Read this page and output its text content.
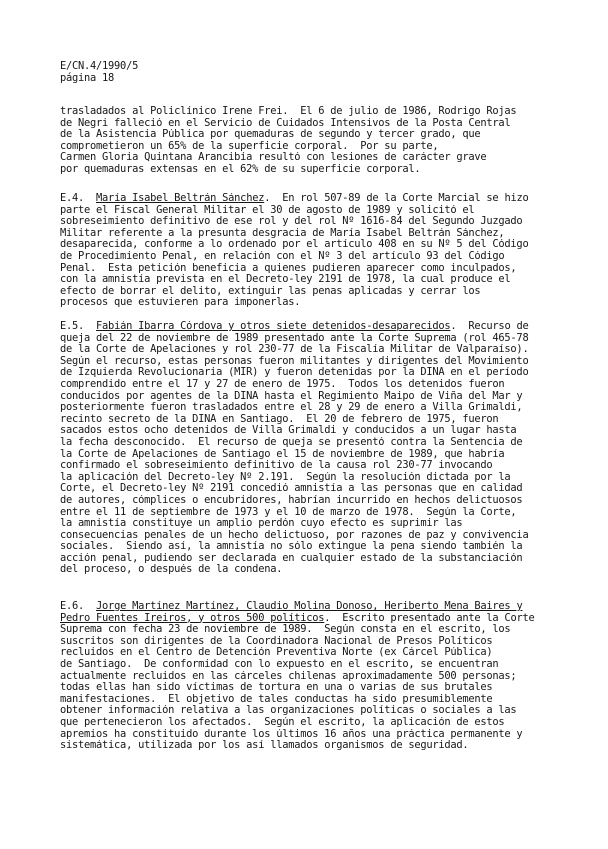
E/CN.4/1990/5
página 18
trasladados al Policlínico Irene Frei.  El 6 de julio de 1986, Rodrigo Rojas
de Negri falleció en el Servicio de Cuidados Intensivos de la Posta Central
de la Asistencia Pública por quemaduras de segundo y tercer grado, que
comprometieron un 65% de la superficie corporal.  Por su parte,
Carmen Gloria Quintana Arancibia resultó con lesiones de carácter grave
por quemaduras extensas en el 62% de su superficie corporal.
E.4. María Isabel Beltrán Sánchez.  En rol 507-89 de la Corte Marcial se hizo
parte el Fiscal General Militar el 30 de agosto de 1989 y solicitó el
sobreseimiento definitivo de ese rol y del rol Nº 1616-84 del Segundo Juzgado
Militar referente a la presunta desgracia de María Isabel Beltrán Sánchez,
desaparecida, conforme a lo ordenado por el artículo 408 en su Nº 5 del Código
de Procedimiento Penal, en relación con el Nº 3 del artículo 93 del Código
Penal.  Esta petición beneficia a quienes pudieren aparecer como inculpados,
con la amnistía prevista en el Decreto-ley 2191 de 1978, la cual produce el
efecto de borrar el delito, extinguir las penas aplicadas y cerrar los
procesos que estuvieren para imponerlas.
E.5. Fabián Ibarra Córdova y otros siete detenidos-desaparecidos.  Recurso de
queja del 22 de noviembre de 1989 presentado ante la Corte Suprema (rol 465-78
de la Corte de Apelaciones y rol 230-77 de la Fiscalía Militar de Valparaíso).
Según el recurso, estas personas fueron militantes y dirigentes del Movimiento
de Izquierda Revolucionaria (MIR) y fueron detenidas por la DINA en el período
comprendido entre el 17 y 27 de enero de 1975.  Todos los detenidos fueron
conducidos por agentes de la DINA hasta el Regimiento Maipo de Viña del Mar y
posteriormente fueron trasladados entre el 28 y 29 de enero a Villa Grimaldi,
recinto secreto de la DINA en Santiago.  El 20 de febrero de 1975, fueron
sacados estos ocho detenidos de Villa Grimaldi y conducidos a un lugar hasta
la fecha desconocido.  El recurso de queja se presentó contra la Sentencia de
la Corte de Apelaciones de Santiago el 15 de noviembre de 1989, que habría
confirmado el sobreseimiento definitivo de la causa rol 230-77 invocando
la aplicación del Decreto-ley Nº 2.191.  Según la resolución dictada por la
Corte, el Decreto-ley Nº 2191 concedió amnistía a las personas que en calidad
de autores, cómplices o encubridores, habrían incurrido en hechos delictuosos
entre el 11 de septiembre de 1973 y el 10 de marzo de 1978.  Según la Corte,
la amnistía constituye un amplio perdón cuyo efecto es suprimir las
consecuencias penales de un hecho delictuoso, por razones de paz y convivencia
sociales.  Siendo así, la amnistía no sólo extingue la pena siendo también la
acción penal, pudiendo ser declarada en cualquier estado de la substanciación
del proceso, o después de la condena.
E.6. Jorge Martínez Martínez, Claudio Molina Donoso, Heriberto Mena Baires y
Pedro Fuentes Ireiros, y otros 500 políticos.  Escrito presentado ante la Corte
Suprema con fecha 23 de noviembre de 1989.  Según consta en el escrito, los
suscritos son dirigentes de la Coordinadora Nacional de Presos Políticos
recluidos en el Centro de Detención Preventiva Norte (ex Cárcel Pública)
de Santiago.  De conformidad con lo expuesto en el escrito, se encuentran
actualmente recluidos en las cárceles chilenas aproximadamente 500 personas;
todas ellas han sido víctimas de tortura en una o varias de sus brutales
manifestaciones.  El objetivo de tales conductas ha sido presumiblemente
obtener información relativa a las organizaciones políticas o sociales a las
que pertenecieron los afectados.  Según el escrito, la aplicación de estos
apremios ha constituido durante los últimos 16 años una práctica permanente y
sistemática, utilizada por los así llamados organismos de seguridad.
